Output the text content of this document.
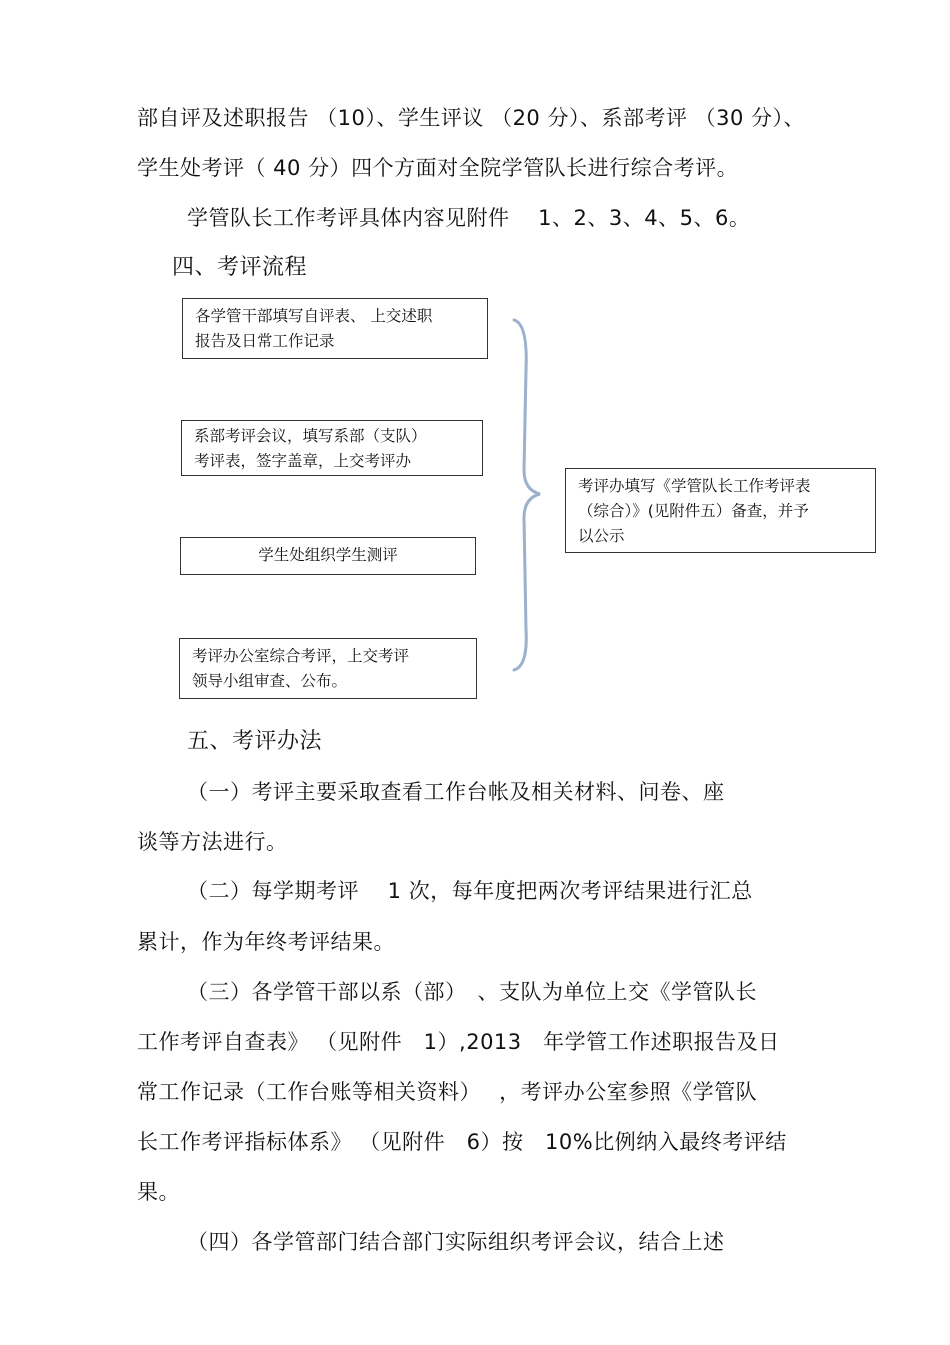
部自评及述职报告 （10）、学生评议 （20 分）、系部考评 （30 分）、
学生处考评（ 40 分）四个方面对全院学管队长进行综合考评。
学管队长工作考评具体内容见附件　 1、2、3、4、5、6。
四、考评流程
各学管干部填写自评表、 上交述职
报告及日常工作记录
系部考评会议，填写系部（支队）
考评表，签字盖章，上交考评办
学生处组织学生测评
考评办公室综合考评，上交考评
领导小组审查、公布。
考评办填写《学管队长工作考评表
（综合）》(见附件五）备查，并予
以公示
五、考评办法
（一）考评主要采取查看工作台帐及相关材料、问卷、座
谈等方法进行。
（二）每学期考评　 1 次，每年度把两次考评结果进行汇总
累计，作为年终考评结果。
（三）各学管干部以系（部）　、支队为单位上交《学管队长
工作考评自查表》 （见附件　1）,2013　年学管工作述职报告及日
常工作记录（工作台账等相关资料）　 ，考评办公室参照《学管队
长工作考评指标体系》 （见附件　6）按　10%比例纳入最终考评结
果。
（四）各学管部门结合部门实际组织考评会议，结合上述
